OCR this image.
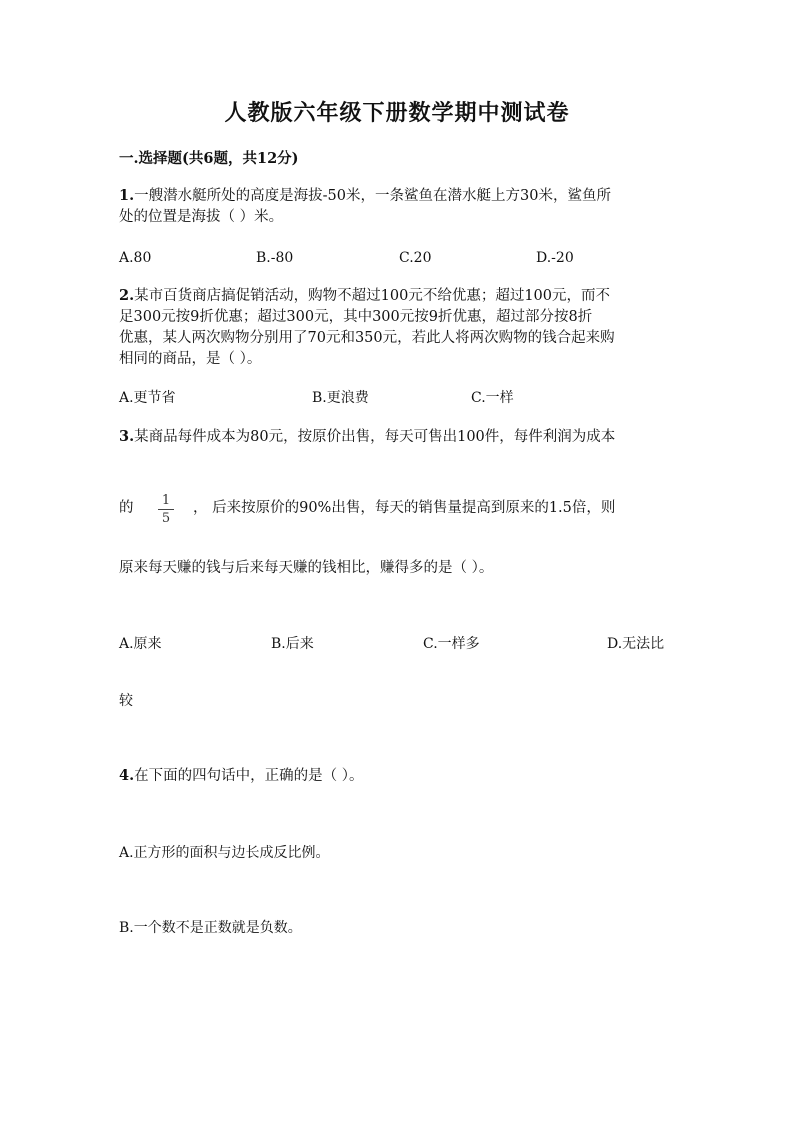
人教版六年级下册数学期中测试卷
一.选择题(共6题，共12分)
1.一艘潜水艇所处的高度是海拔-50米，一条鲨鱼在潜水艇上方30米，鲨鱼所
处的位置是海拔（ ）米。
A.80	B.-80	C.20	D.-20
2.某市百货商店搞促销活动，购物不超过100元不给优惠；超过100元，而不
足300元按9折优惠；超过300元，其中300元按9折优惠，超过部分按8折
优惠，某人两次购物分别用了70元和350元，若此人将两次购物的钱合起来购
相同的商品，是（ ）。
A.更节省	B.更浪费	C.一样
3.某商品每件成本为80元，按原价出售，每天可售出100件，每件利润为成本
的 1
5
， 后来按原价的90%出售，每天的销售量提高到原来的1.5倍，则
原来每天赚的钱与后来每天赚的钱相比，赚得多的是（ ）。
A.原来	B.后来	C.一样多	D.无法比
较
4.在下面的四句话中，正确的是（ ）。
A.正方形的面积与边长成反比例。
B.一个数不是正数就是负数。
